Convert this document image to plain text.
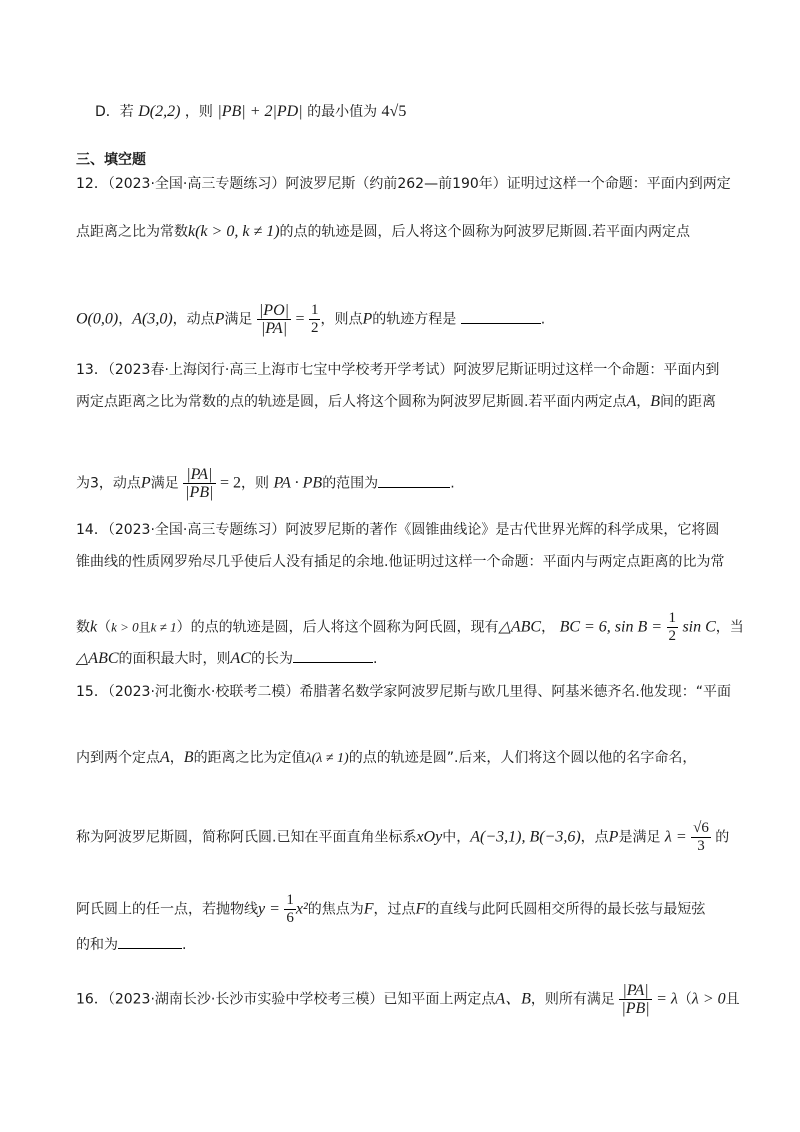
D．若 D(2,2) ，则 |PB| + 2|PD| 的最小值为 4√5
三、填空题
12．（2023·全国·高三专题练习）阿波罗尼斯（约前262—前190年）证明过这样一个命题：平面内到两定
点距离之比为常数k(k > 0, k ≠ 1)的点的轨迹是圆，后人将这个圆称为阿波罗尼斯圆.若平面内两定点
O(0,0)，A(3,0)，动点P满足 $\frac{|PO|}{|PA|} = \frac{1}{2}$ ，则点P的轨迹方程是	.
13．（2023春·上海闵行·高三上海市七宝中学校考开学考试）阿波罗尼斯证明过这样一个命题：平面内到
两定点距离之比为常数的点的轨迹是圆，后人将这个圆称为阿波罗尼斯圆.若平面内两定点A，B间的距离
为3，动点P满足 $\frac{|PA|}{|PB|} = 2$，则 PA · PB的范围为	.
14．（2023·全国·高三专题练习）阿波罗尼斯的著作《圆锥曲线论》是古代世界光辉的科学成果，它将圆
锥曲线的性质网罗殆尽几乎使后人没有插足的余地.他证明过这样一个命题：平面内与两定点距离的比为常
数k（k > 0且k ≠ 1）的点的轨迹是圆，后人将这个圆称为阿氏圆，现有△ABC， BC = 6, $\sin B = \frac{1}{2}$ sin C，当
△ABC的面积最大时，则AC的长为	.
15．（2023·河北衡水·校联考二模）希腊著名数学家阿波罗尼斯与欧几里得、阿基米德齐名.他发现：“平面
内到两个定点A，B的距离之比为定值λ(λ ≠ 1)的点的轨迹是圆”.后来，人们将这个圆以他的名字命名，
称为阿波罗尼斯圆，简称阿氏圆.已知在平面直角坐标系xOy中，A(−3,1), B(−3,6)，点P是满足 $\lambda = \frac{√6}{3}$ 的
阿氏圆上的任一点，若抛物线$y = \frac{1}{6} x^2$的焦点为F，过点F的直线与此阿氏圆相交所得的最长弦与最短弦
的和为	.
16．（2023·湖南长沙·长沙市实验中学校考三模）已知平面上两定点A、B，则所有满足 $\frac{|PA|}{|PB|} = \lambda(\lambda > 0$且
